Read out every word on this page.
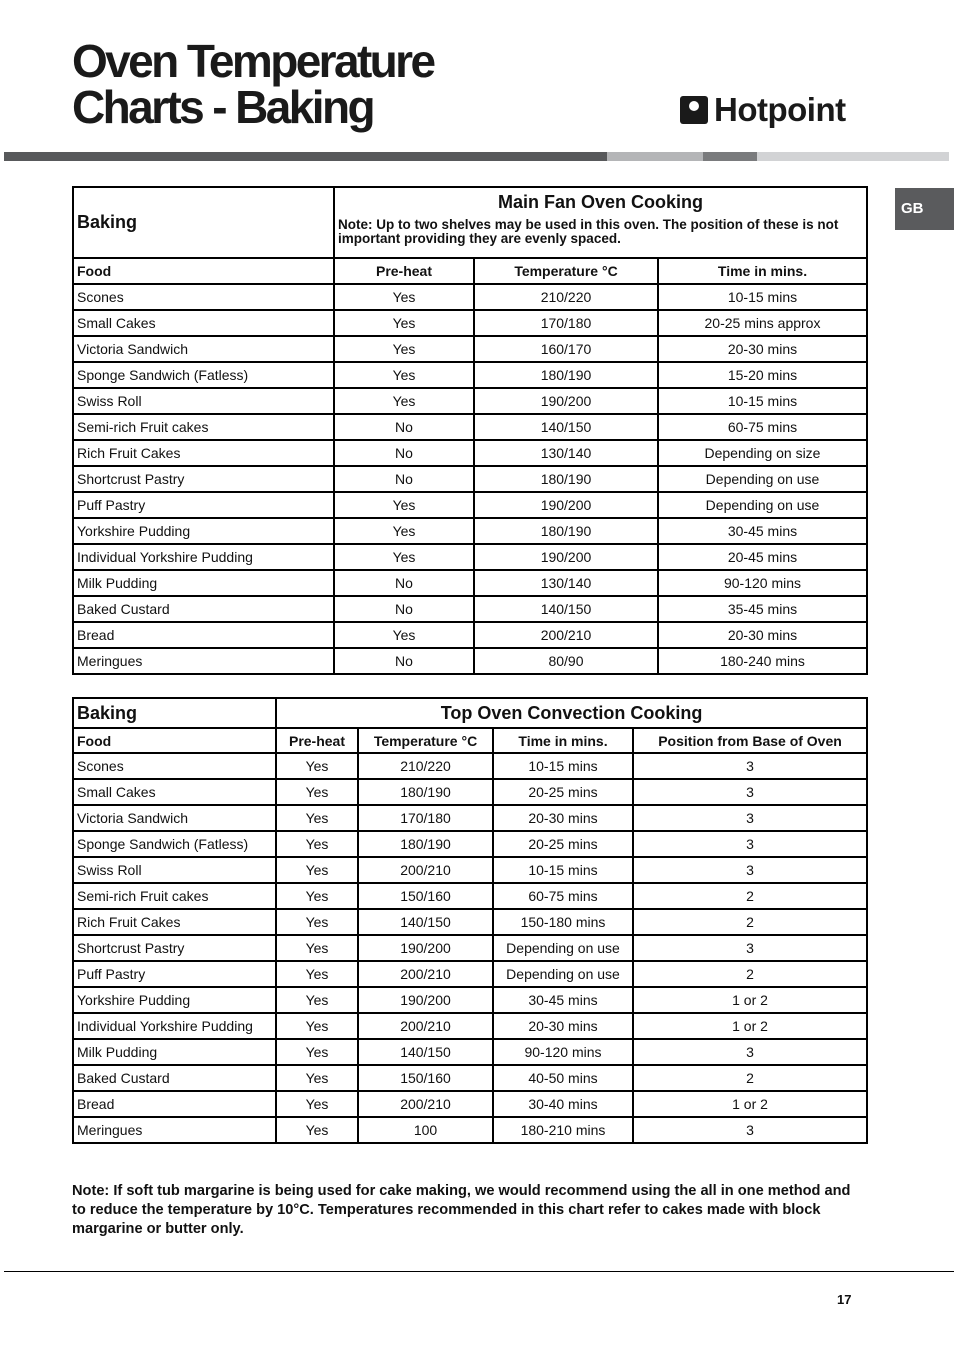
Oven Temperature
Charts - Baking	Hotpoint
GB
Baking	Main Fan Oven Cooking
Note: Up to two shelves may be used in this oven. The position of these is not important providing they are evenly spaced.		

Food	Pre-heat	Temperature °C	Time in mins.
Scones	Yes	210/220	10-15 mins
Small Cakes	Yes	170/180	20-25 mins approx
Victoria Sandwich	Yes	160/170	20-30 mins
Sponge Sandwich (Fatless)	Yes	180/190	15-20 mins
Swiss Roll	Yes	190/200	10-15 mins
Semi-rich Fruit cakes	No	140/150	60-75 mins
Rich Fruit Cakes	No	130/140	Depending on size
Shortcrust Pastry	No	180/190	Depending on use
Puff Pastry	Yes	190/200	Depending on use
Yorkshire Pudding	Yes	180/190	30-45 mins
Individual Yorkshire Pudding	Yes	190/200	20-45 mins
Milk Pudding	No	130/140	90-120 mins
Baked Custard	No	140/150	35-45 mins
Bread	Yes	200/210	20-30 mins
Meringues	No	80/90	180-240 mins
Baking	Top Oven Convection Cooking			
Food	Pre-heat	Temperature °C	Time in mins.	Position from Base of Oven
Scones	Yes	210/220	10-15 mins	3
Small Cakes	Yes	180/190	20-25 mins	3
Victoria Sandwich	Yes	170/180	20-30 mins	3
Sponge Sandwich (Fatless)	Yes	180/190	20-25 mins	3
Swiss Roll	Yes	200/210	10-15 mins	3
Semi-rich Fruit cakes	Yes	150/160	60-75 mins	2
Rich Fruit Cakes	Yes	140/150	150-180 mins	2
Shortcrust Pastry	Yes	190/200	Depending on use	3
Puff Pastry	Yes	200/210	Depending on use	2
Yorkshire Pudding	Yes	190/200	30-45 mins	1 or 2
Individual Yorkshire Pudding	Yes	200/210	20-30 mins	1 or 2
Milk Pudding	Yes	140/150	90-120 mins	3
Baked Custard	Yes	150/160	40-50 mins	2
Bread	Yes	200/210	30-40 mins	1 or 2
Meringues	Yes	100	180-210 mins	3
Note: If soft tub margarine is being used for cake making, we would recommend using the all in one method and to reduce the temperature by 10°C. Temperatures recommended in this chart refer to cakes made with block margarine or butter only.
17
